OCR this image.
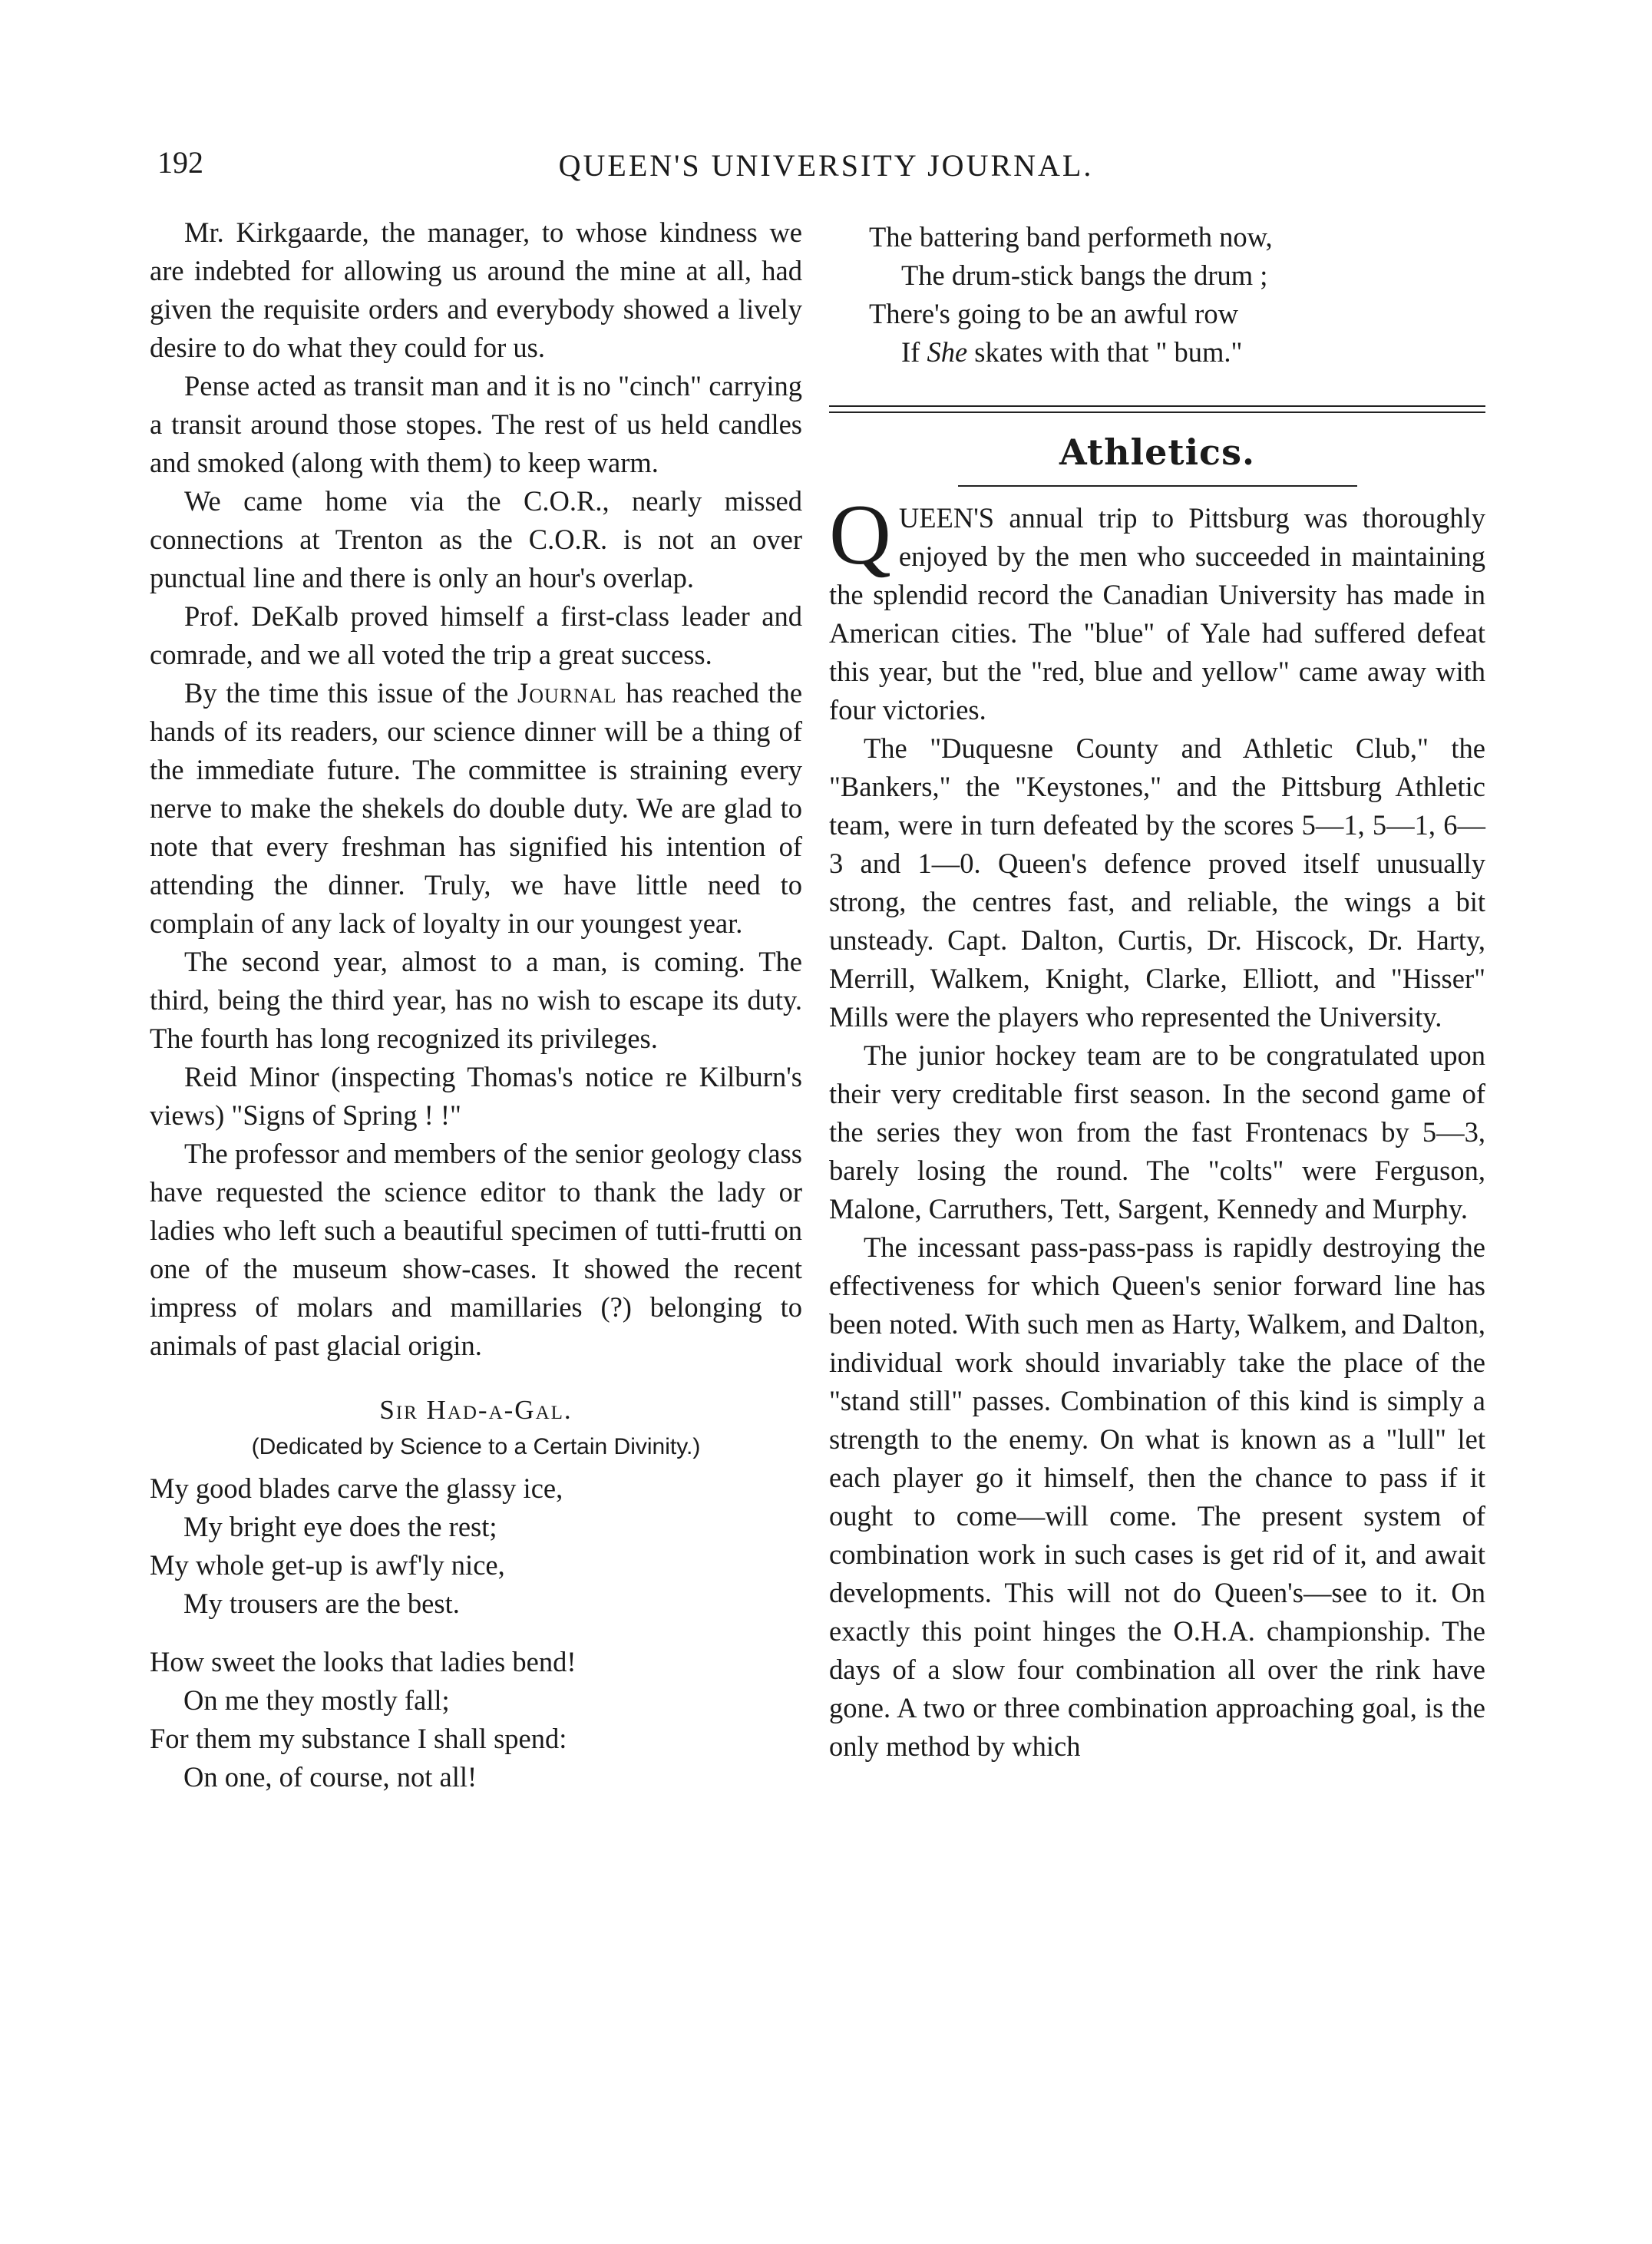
192	QUEEN'S UNIVERSITY JOURNAL.

Mr. Kirkgaarde, the manager, to whose kindness we are indebted for allowing us around the mine at all, had given the requisite orders and everybody showed a lively desire to do what they could for us.

Pense acted as transit man and it is no "cinch" carrying a transit around those stopes. The rest of us held candles and smoked (along with them) to keep warm.

We came home via the C.O.R., nearly missed connections at Trenton as the C.O.R. is not an over punctual line and there is only an hour's overlap.

Prof. DeKalb proved himself a first-class leader and comrade, and we all voted the trip a great success.

By the time this issue of the Journal has reached the hands of its readers, our science dinner will be a thing of the immediate future. The committee is straining every nerve to make the shekels do double duty. We are glad to note that every freshman has signified his intention of attending the dinner. Truly, we have little need to complain of any lack of loyalty in our youngest year.

The second year, almost to a man, is coming. The third, being the third year, has no wish to escape its duty. The fourth has long recognized its privileges.

Reid Minor (inspecting Thomas's notice re Kilburn's views) "Signs of Spring ! !"

The professor and members of the senior geology class have requested the science editor to thank the lady or ladies who left such a beautiful specimen of tutti-frutti on one of the museum show-cases. It showed the recent impress of molars and mamillaries (?) belonging to animals of past glacial origin.

Sir Had-a-Gal.
(Dedicated by Science to a Certain Divinity.)
My good blades carve the glassy ice,
My bright eye does the rest;
My whole get-up is awf'ly nice,
My trousers are the best.
How sweet the looks that ladies bend!
On me they mostly fall;
For them my substance I shall spend:
On one, of course, not all!
The battering band performeth now,
The drum-stick bangs the drum ;
There's going to be an awful row
If She skates with that " bum."
Athletics.

QUEEN'S annual trip to Pittsburg was thoroughly enjoyed by the men who succeeded in maintaining the splendid record the Canadian University has made in American cities. The "blue" of Yale had suffered defeat this year, but the "red, blue and yellow" came away with four victories.

The "Duquesne County and Athletic Club," the "Bankers," the "Keystones," and the Pittsburg Athletic team, were in turn defeated by the scores 5—1, 5—1, 6—3 and 1—0. Queen's defence proved itself unusually strong, the centres fast, and reliable, the wings a bit unsteady. Capt. Dalton, Curtis, Dr. Hiscock, Dr. Harty, Merrill, Walkem, Knight, Clarke, Elliott, and "Hisser" Mills were the players who represented the University.

The junior hockey team are to be congratulated upon their very creditable first season. In the second game of the series they won from the fast Frontenacs by 5—3, barely losing the round. The "colts" were Ferguson, Malone, Carruthers, Tett, Sargent, Kennedy and Murphy.

The incessant pass-pass-pass is rapidly destroying the effectiveness for which Queen's senior forward line has been noted. With such men as Harty, Walkem, and Dalton, individual work should invariably take the place of the "stand still" passes. Combination of this kind is simply a strength to the enemy. On what is known as a "lull" let each player go it himself, then the chance to pass if it ought to come—will come. The present system of combination work in such cases is get rid of it, and await developments. This will not do Queen's—see to it. On exactly this point hinges the O.H.A. championship. The days of a slow four combination all over the rink have gone. A two or three combination approaching goal, is the only method by which
